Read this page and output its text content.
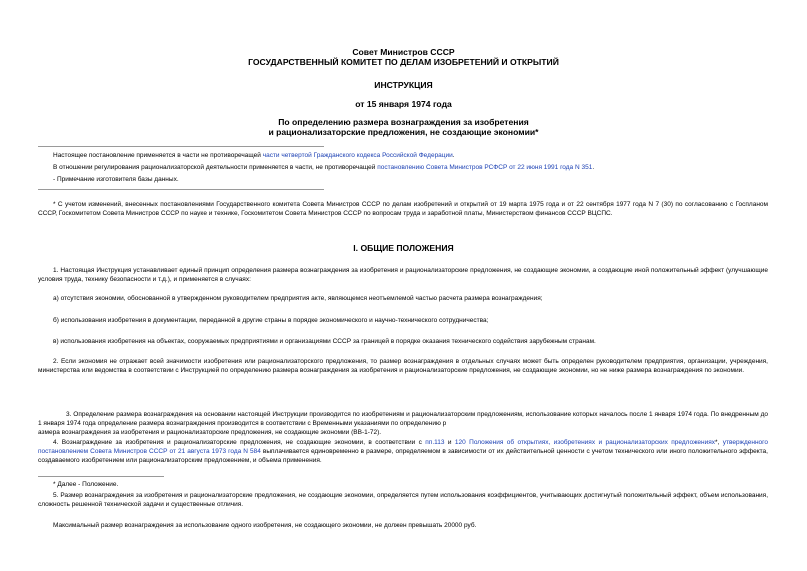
Совет Министров СССР
ГОСУДАРСТВЕННЫЙ КОМИТЕТ ПО ДЕЛАМ ИЗОБРЕТЕНИЙ И ОТКРЫТИЙ
ИНСТРУКЦИЯ
от 15 января 1974 года
По определению размера вознаграждения за изобретения
и рационализаторские предложения, не создающие экономии*
Настоящее постановление применяется в части не противоречащей части четвертой Гражданского кодекса Российской Федерации.
В отношении регулирования рационализаторской деятельности применяется в части, не противоречащей постановлению Совета Министров РСФСР от 22 июня 1991 года N 351.
- Примечание изготовителя базы данных.
* С учетом изменений, внесенных постановлениями Государственного комитета Совета Министров СССР по делам изобретений и открытий от 19 марта 1975 года и от 22 сентября 1977 года N 7 (30) по согласованию с Госпланом СССР, Госкомитетом Совета Министров СССР по науке и технике, Госкомитетом Совета Министров СССР по вопросам труда и заработной платы, Министерством финансов СССР ВЦСПС.
I. ОБЩИЕ ПОЛОЖЕНИЯ
1. Настоящая Инструкция устанавливает единый принцип определения размера вознаграждения за изобретения и рационализаторские предложения, не создающие экономии, а создающие иной положительный эффект (улучшающие условия труда, технику безопасности и т.д.), и применяется в случаях:
а) отсутствия экономии, обоснованной в утвержденном руководителем предприятия акте, являющемся неотъемлемой частью расчета размера вознаграждения;
б) использования изобретения в документации, переданной в другие страны в порядке экономического и научно-технического сотрудничества;
в) использования изобретения на объектах, сооружаемых предприятиями и организациями СССР за границей в порядке оказания технического содействия зарубежным странам.
2. Если экономия не отражает всей значимости изобретения или рационализаторского предложения, то размер вознаграждения в отдельных случаях может быть определен руководителем предприятия, организации, учреждения, министерства или ведомства в соответствии с Инструкцией по определению размера вознаграждения за изобретения и рационализаторские предложения, не создающие экономии, но не ниже размера вознаграждения по экономии.
3. Определение размера вознаграждения на основании настоящей Инструкции производится по изобретениям и рационализаторским предложениям, использование которых началось после 1 января 1974 года. По внедренным до 1 января 1974 года определение размера вознаграждения производится в соответствии с Временными указаниями по определению р
азмера вознаграждения за изобретения и рационализаторские предложения, не создающие экономии (ВВ-1-72).
4. Вознаграждение за изобретения и рационализаторские предложения, не создающие экономии, в соответствии с пп.113 и 120 Положения об открытиях, изобретениях и рационализаторских предложениях*, утвержденного постановлением Совета Министров СССР от 21 августа 1973 года N 584 выплачивается единовременно в размере, определяемом в зависимости от их действительной ценности с учетом технического или иного положительного эффекта, создаваемого изобретением или рационализаторским предложением, и объема применения.
* Далее - Положение.
5. Размер вознаграждения за изобретения и рационализаторские предложения, не создающие экономии, определяется путем использования коэффициентов, учитывающих достигнутый положительный эффект, объем использования, сложность решенной технической задачи и существенные отличия.
Максимальный размер вознаграждения за использование одного изобретения, не создающего экономии, не должен превышать 20000 руб.
